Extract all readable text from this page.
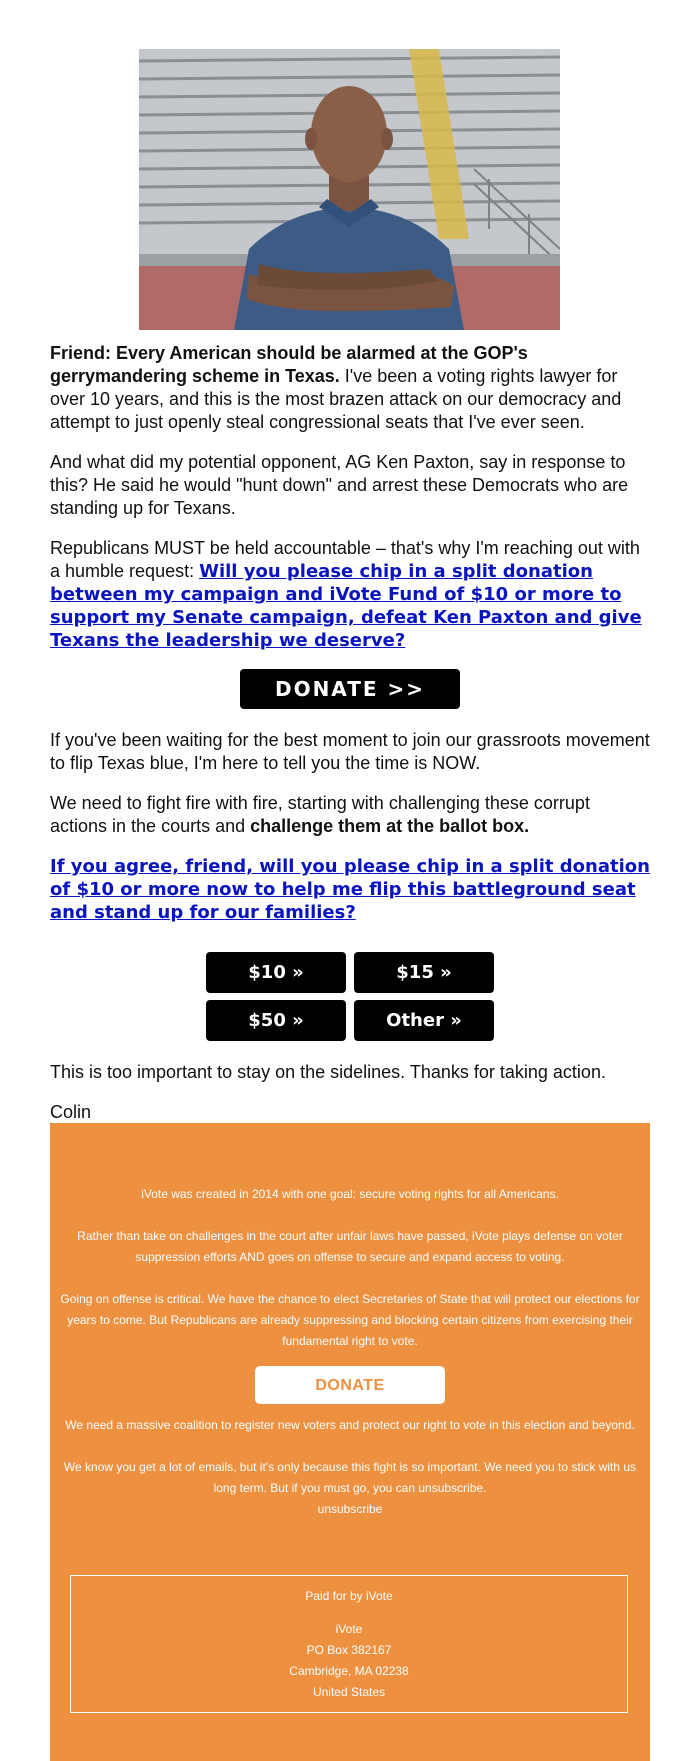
Friend: Every American should be alarmed at the GOP's gerrymandering scheme in Texas. I've been a voting rights lawyer for over 10 years, and this is the most brazen attack on our democracy and attempt to just openly steal congressional seats that I've ever seen.

And what did my potential opponent, AG Ken Paxton, say in response to this? He said he would "hunt down" and arrest these Democrats who are standing up for Texans.

Republicans MUST be held accountable – that's why I'm reaching out with a humble request: Will you please chip in a split donation between my campaign and iVote Fund of $10 or more to support my Senate campaign, defeat Ken Paxton and give Texans the leadership we deserve?

DONATE >>

If you've been waiting for the best moment to join our grassroots movement to flip Texas blue, I'm here to tell you the time is NOW.

We need to fight fire with fire, starting with challenging these corrupt actions in the courts and challenge them at the ballot box.

If you agree, friend, will you please chip in a split donation of $10 or more now to help me flip this battleground seat and stand up for our families?

$10 »	$15 »
$50 »	Other »

This is too important to stay on the sidelines. Thanks for taking action.

Colin

iVote was created in 2014 with one goal: secure voting rights for all Americans.

Rather than take on challenges in the court after unfair laws have passed, iVote plays defense on voter suppression efforts AND goes on offense to secure and expand access to voting.

Going on offense is critical. We have the chance to elect Secretaries of State that will protect our elections for years to come. But Republicans are already suppressing and blocking certain citizens from exercising their fundamental right to vote.

DONATE

We need a massive coalition to register new voters and protect our right to vote in this election and beyond.

We know you get a lot of emails, but it's only because this fight is so important. We need you to stick with us long term. But if you must go, you can unsubscribe.

unsubscribe

Paid for by iVote

iVote

PO Box 382167

Cambridge, MA 02238

United States
